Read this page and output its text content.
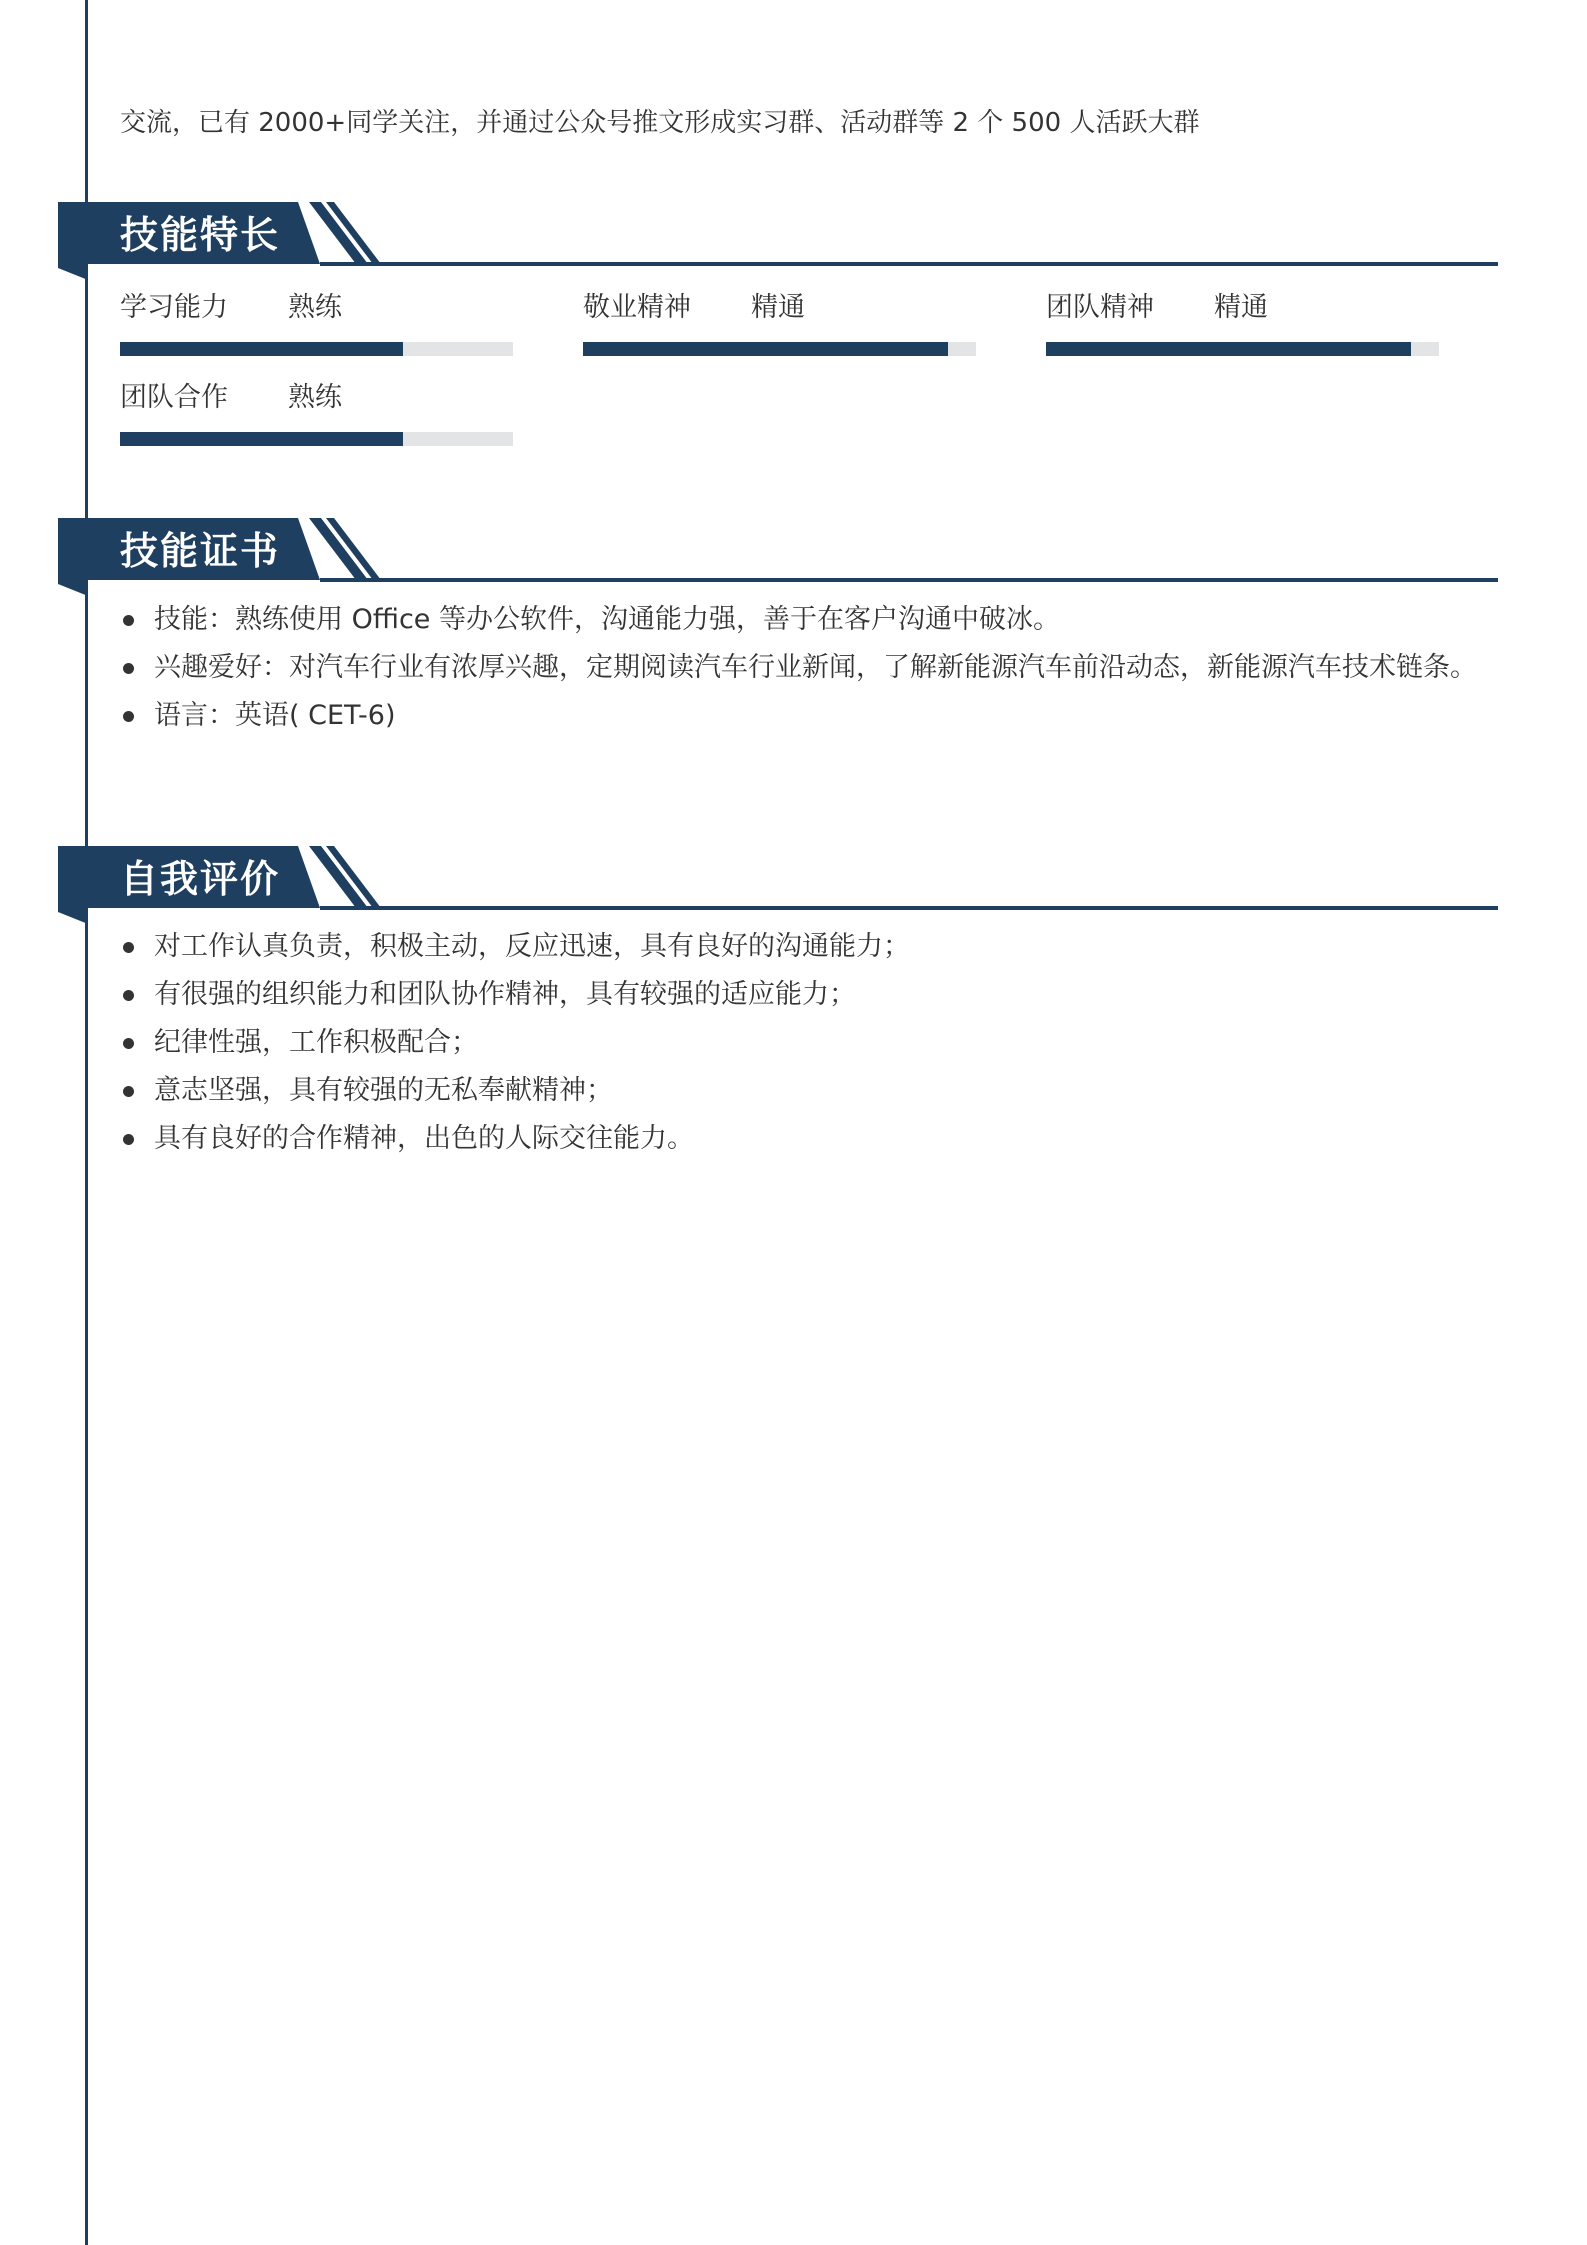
交流，已有 2000+同学关注，并通过公众号推文形成实习群、活动群等 2 个 500 人活跃大群
技能特长
学习能力 熟练	敬业精神 精通	团队精神 精通
团队合作 熟练
技能证书
技能：熟练使用 Office 等办公软件，沟通能力强，善于在客户沟通中破冰。
兴趣爱好：对汽车行业有浓厚兴趣，定期阅读汽车行业新闻，了解新能源汽车前沿动态，新能源汽车技术链条。
语言：英语( CET-6)
自我评价
对工作认真负责，积极主动，反应迅速，具有良好的沟通能力；
有很强的组织能力和团队协作精神，具有较强的适应能力；
纪律性强，工作积极配合；
意志坚强，具有较强的无私奉献精神；
具有良好的合作精神，出色的人际交往能力。
